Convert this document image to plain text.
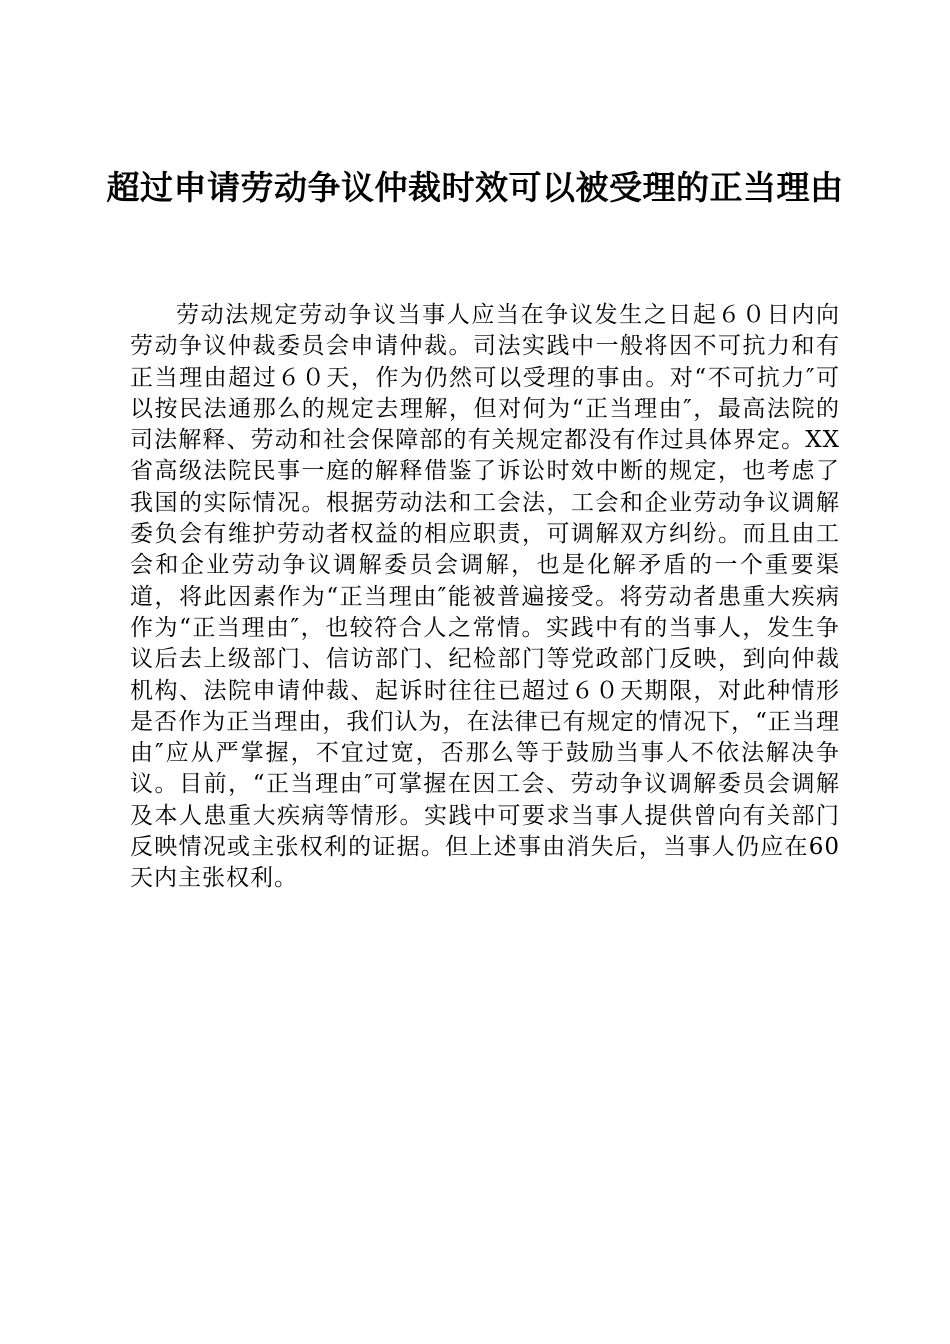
超过申请劳动争议仲裁时效可以被受理的正当理由

劳动法规定劳动争议当事人应当在争议发生之日起６０日内向劳动争议仲裁委员会申请仲裁。司法实践中一般将因不可抗力和有正当理由超过６０天，作为仍然可以受理的事由。对“不可抗力″可以按民法通那么的规定去理解，但对何为“正当理由″，最高法院的司法解释、劳动和社会保障部的有关规定都没有作过具体界定。XX省高级法院民事一庭的解释借鉴了诉讼时效中断的规定，也考虑了我国的实际情况。根据劳动法和工会法，工会和企业劳动争议调解委负会有维护劳动者权益的相应职责，可调解双方纠纷。而且由工会和企业劳动争议调解委员会调解，也是化解矛盾的一个重要渠道，将此因素作为“正当理由″能被普遍接受。将劳动者患重大疾病作为“正当理由″，也较符合人之常情。实践中有的当事人，发生争议后去上级部门、信访部门、纪检部门等党政部门反映，到向仲裁机构、法院申请仲裁、起诉时往往已超过６０天期限，对此种情形是否作为正当理由，我们认为，在法律已有规定的情况下，“正当理由″应从严掌握，不宜过宽，否那么等于鼓励当事人不依法解决争议。目前，“正当理由″可掌握在因工会、劳动争议调解委员会调解及本人患重大疾病等情形。实践中可要求当事人提供曾向有关部门反映情况或主张权利的证据。但上述事由消失后，当事人仍应在60天内主张权利。
